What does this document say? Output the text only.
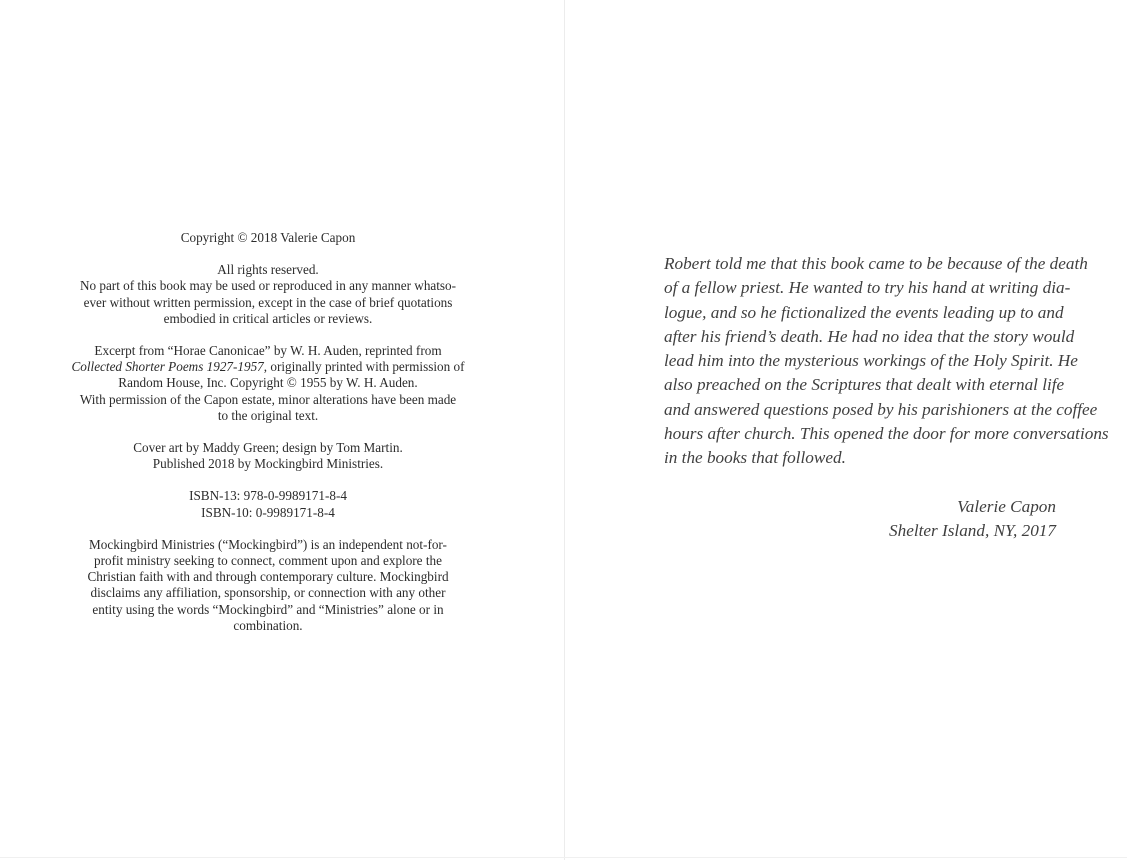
Copyright © 2018 Valerie Capon
All rights reserved.
No part of this book may be used or reproduced in any manner whatso-
ever without written permission, except in the case of brief quotations
embodied in critical articles or reviews.
Excerpt from “Horae Canonicae” by W. H. Auden, reprinted from
Collected Shorter Poems 1927-1957, originally printed with permission of
Random House, Inc. Copyright © 1955 by W. H. Auden.
With permission of the Capon estate, minor alterations have been made
to the original text.
Cover art by Maddy Green; design by Tom Martin.
Published 2018 by Mockingbird Ministries.
ISBN-13: 978-0-9989171-8-4
ISBN-10: 0-9989171-8-4
Mockingbird Ministries (“Mockingbird”) is an independent not-for-
profit ministry seeking to connect, comment upon and explore the
Christian faith with and through contemporary culture. Mockingbird
disclaims any affiliation, sponsorship, or connection with any other
entity using the words “Mockingbird” and “Ministries” alone or in
combination.
Robert told me that this book came to be because of the death
of a fellow priest. He wanted to try his hand at writing dia-
logue, and so he fictionalized the events leading up to and
after his friend’s death. He had no idea that the story would
lead him into the mysterious workings of the Holy Spirit. He
also preached on the Scriptures that dealt with eternal life
and answered questions posed by his parishioners at the coffee
hours after church. This opened the door for more conversations
in the books that followed.
Valerie Capon
Shelter Island, NY, 2017
